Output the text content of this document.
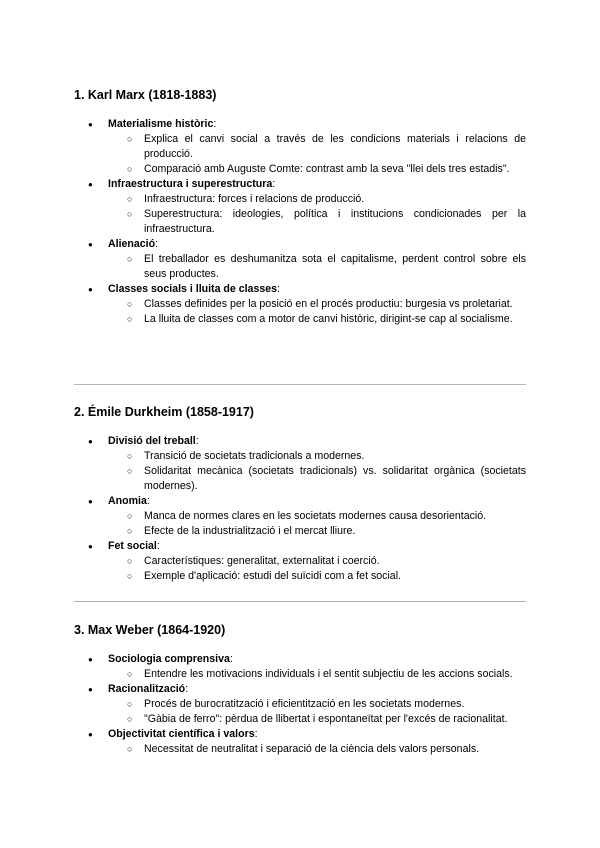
1. Karl Marx (1818-1883)
● Materialisme històric:
○ Explica el canvi social a través de les condicions materials i relacions de producció.
○ Comparació amb Auguste Comte: contrast amb la seva "llei dels tres estadis".
● Infraestructura i superestructura:
○ Infraestructura: forces i relacions de producció.
○ Superestructura: ideologies, política i institucions condicionades per la infraestructura.
● Alienació:
○ El treballador es deshumanitza sota el capitalisme, perdent control sobre els seus productes.
● Classes socials i lluita de classes:
○ Classes definides per la posició en el procés productiu: burgesia vs proletariat.
○ La lluita de classes com a motor de canvi històric, dirigint-se cap al socialisme.
2. Émile Durkheim (1858-1917)
● Divisió del treball:
○ Transició de societats tradicionals a modernes.
○ Solidaritat mecànica (societats tradicionals) vs. solidaritat orgànica (societats modernes).
● Anomia:
○ Manca de normes clares en les societats modernes causa desorientació.
○ Efecte de la industrialització i el mercat lliure.
● Fet social:
○ Característiques: generalitat, externalitat i coerció.
○ Exemple d'aplicació: estudi del suïcidi com a fet social.
3. Max Weber (1864-1920)
● Sociologia comprensiva:
○ Entendre les motivacions individuals i el sentit subjectiu de les accions socials.
● Racionalització:
○ Procés de burocratització i eficientització en les societats modernes.
○ "Gàbia de ferro": pèrdua de llibertat i espontaneïtat per l'excés de racionalitat.
● Objectivitat científica i valors:
○ Necessitat de neutralitat i separació de la ciència dels valors personals.
